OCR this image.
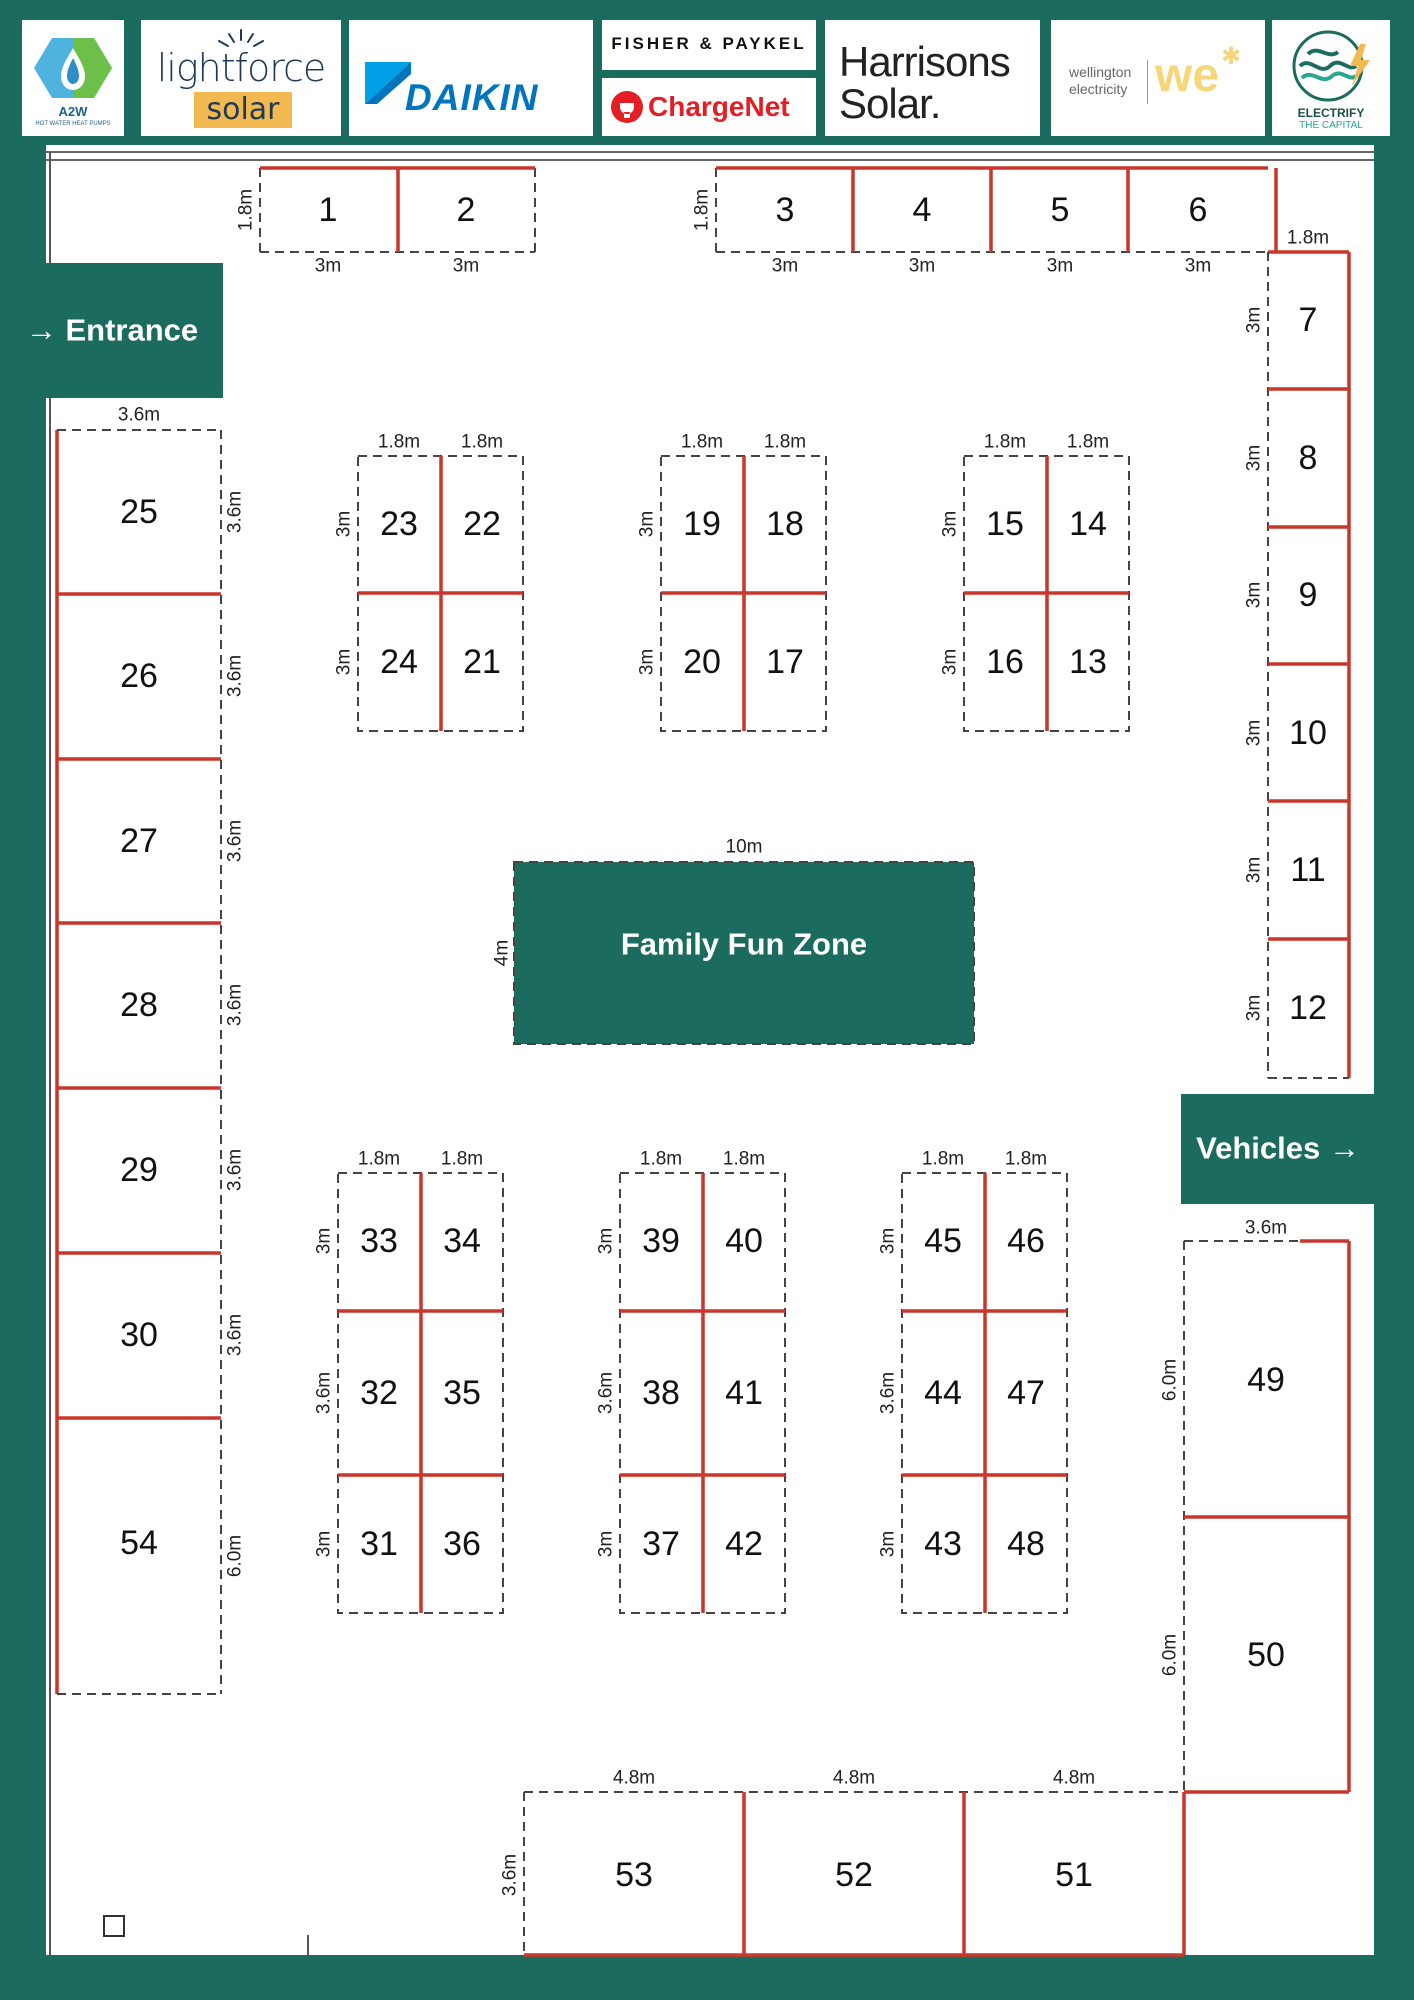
A2W
HOT WATER HEAT PUMPS
lightforce
solar	DAIKIN
FISHER & PAYKEL
ChargeNet
Harrisons
Solar.
wellington
electricity we ✱
ELECTRIFY
THE CAPITAL
1	2
1.8m
3m	3m
3	4	5	6
1.8m
3m	3m	3m	3m
7
3m
8
3m
9
3m
10
3m
11
3m
12
3m
1.8m
→ Entrance
25	3.6m
26	3.6m
27	3.6m
28	3.6m
29	3.6m
30	3.6m
54	6.0m
3.6m
23 22
24 21
1.8m 1.8m
3m
3m
19 18
20 17
1.8m 1.8m
3m
3m
15 14
16 13
1.8m 1.8m
3m
3m
Family Fun Zone
10m
4m
33 34
32 35
31 36
1.8m 1.8m
3m
3.6m
3m
39 40
38 41
37 42
1.8m 1.8m
3m
3.6m
3m
45 46
44 47
43 48
1.8m 1.8m
3m
3.6m
3m
Vehicles →
49
50
3.6m
6.0m
6.0m
53	52	51
4.8m	4.8m	4.8m
3.6m
